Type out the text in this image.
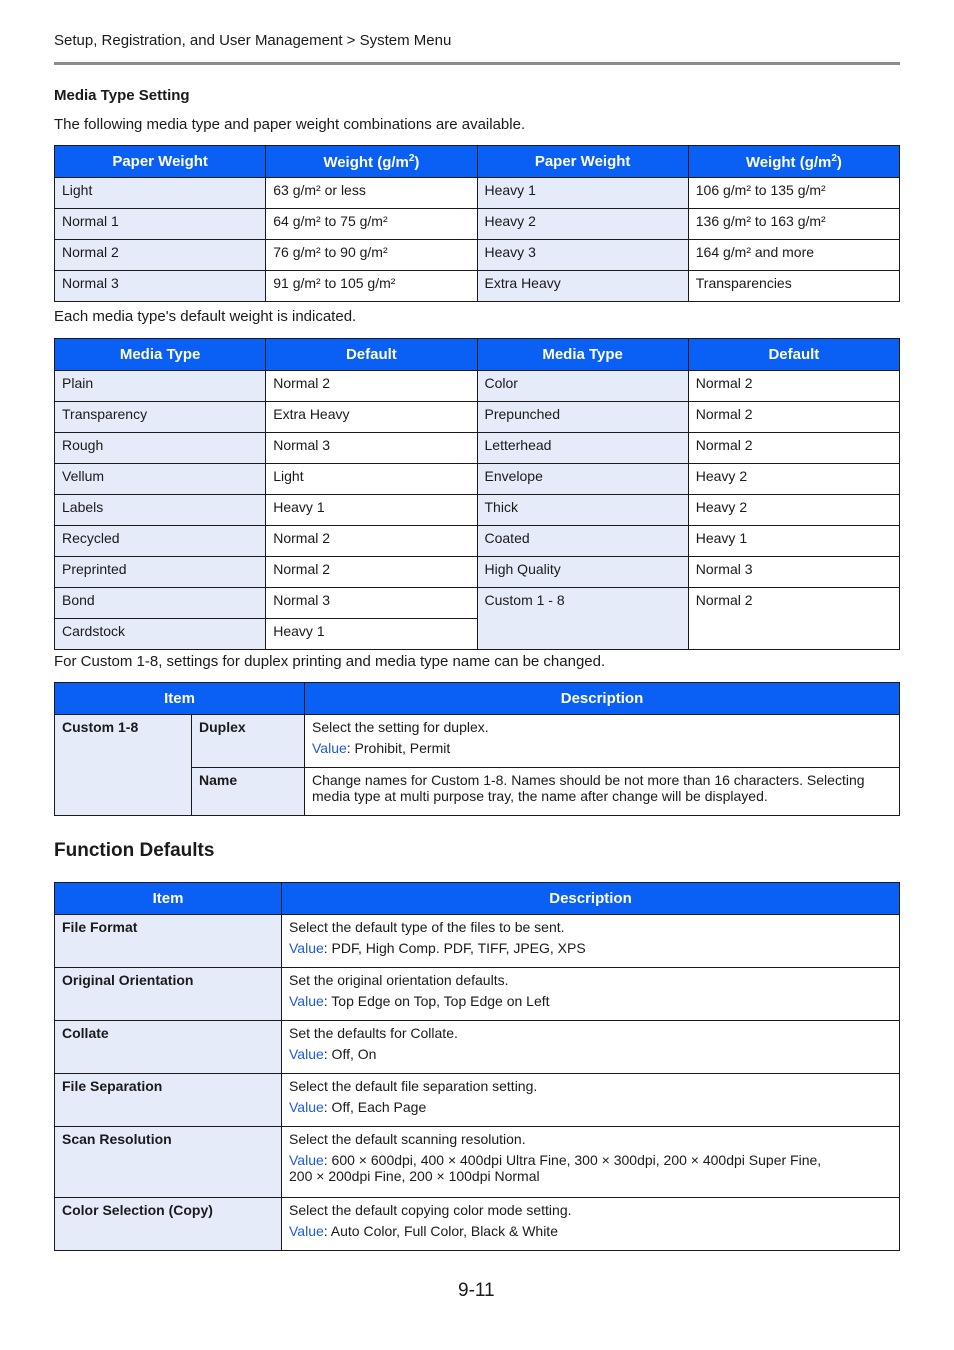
Setup, Registration, and User Management > System Menu
Media Type Setting
The following media type and paper weight combinations are available.
Paper Weight	Weight $(g/m^2)$	Paper Weight	Weight $(g/m^2)$
Light	63 g/m² or less	Heavy 1	106 g/m² to 135 g/m²
Normal 1	64 g/m² to 75 g/m²	Heavy 2	136 g/m² to 163 g/m²
Normal 2	76 g/m² to 90 g/m²	Heavy 3	164 g/m² and more
Normal 3	91 g/m² to 105 g/m²	Extra Heavy	Transparencies
Each media type's default weight is indicated.
Media Type	Default	Media Type	Default
Plain	Normal 2	Color	Normal 2
Transparency	Extra Heavy	Prepunched	Normal 2
Rough	Normal 3	Letterhead	Normal 2
Vellum	Light	Envelope	Heavy 2
Labels	Heavy 1	Thick	Heavy 2
Recycled	Normal 2	Coated	Heavy 1
Preprinted	Normal 2	High Quality	Normal 3
Bond	Normal 3	Custom 1 - 8	Normal 2
Cardstock	Heavy 1		
For Custom 1-8, settings for duplex printing and media type name can be changed.
Item		Description
Custom 1-8	Duplex	Select the setting for duplex.
Value: Prohibit, Permit

	Name	Change names for Custom 1-8. Names should be not more than 16 characters. Selecting media type at multi purpose tray, the name after change will be displayed.
Function Defaults
Item	Description
File Format	Select the default type of the files to be sent.
Value: PDF, High Comp. PDF, TIFF, JPEG, XPS

Original Orientation	Set the original orientation defaults.
Value: Top Edge on Top, Top Edge on Left

Collate	Set the defaults for Collate.
Value: Off, On

File Separation	Select the default file separation setting.
Value: Off, Each Page

Scan Resolution	Select the default scanning resolution.
Value: 600 × 600dpi, 400 × 400dpi Ultra Fine, 300 × 300dpi, 200 × 400dpi Super Fine, 200 × 200dpi Fine, 200 × 100dpi Normal

Color Selection (Copy)	Select the default copying color mode setting.
Value: Auto Color, Full Color, Black & White
9-11
